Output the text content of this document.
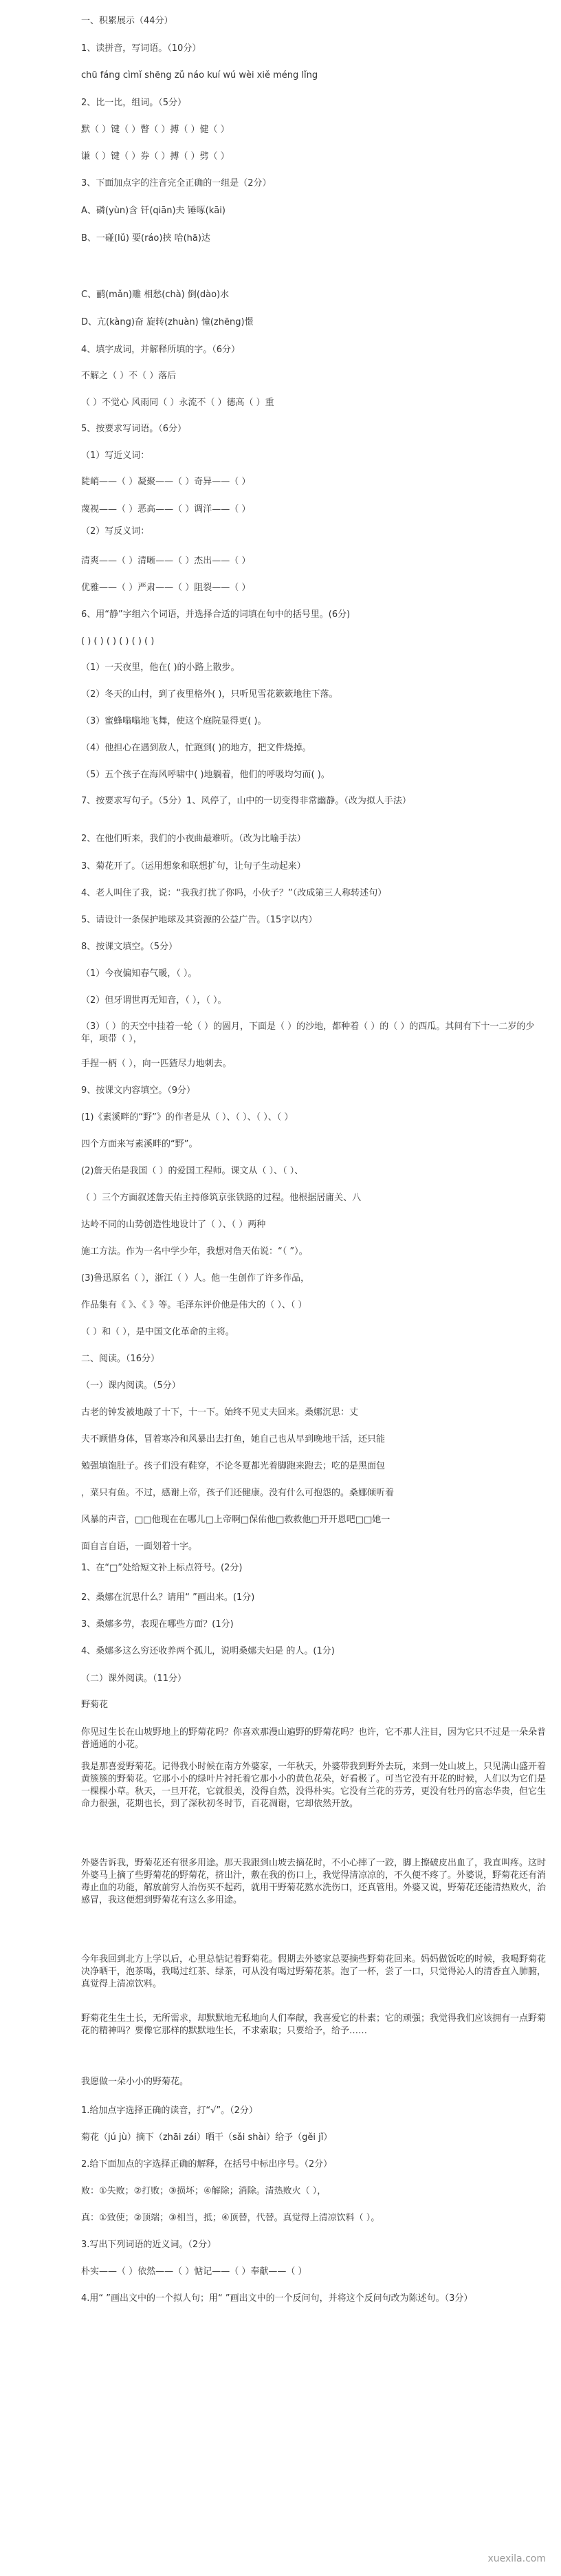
一、积累展示（44分）
1、读拼音，写词语。（10分）
chū fáng cìmǐ shēng zǔ náo kuí wú wèi xiě méng lǐng
2、比一比，组词。（5分）
默（ ）键（ ）瞥（ ）搏（ ）健（ ）
谦（ ）键（ ）券（ ）搏（ ）劈（ ）
3、下面加点字的注音完全正确的一组是（2分）
A、磷(yùn)含 钎(qiān)夫 锤啄(kāi)
B、一碰(lǔ) 要(ráo)挟 哈(hā)达
C、鹂(mǎn)雕 相愁(chà) 倒(dào)水
D、亢(kàng)奋 旋转(zhuàn) 憧(zhēng)憬
4、填字成词，并解释所填的字。（6分）
不解之（ ）不（ ）落后
（ ）不觉心 风雨同（ ）永流不（ ）德高（ ）重
5、按要求写词语。（6分）
（1）写近义词：
陡峭——（ ）凝聚——（ ）奇异——（ ）
蔑视——（ ）恶高——（ ）调洋——（ ）
（2）写反义词：
清爽——（ ）清晰——（ ）杰出——（ ）
优雅——（ ）严肃——（ ）阻裂——（ ）
6、用“静”字组六个词语，并选择合适的词填在句中的括号里。(6分)
( ) ( ) ( ) ( ) ( ) ( )
（1）一天夜里，他在( )的小路上散步。
（2）冬天的山村，到了夜里格外( )，只听见雪花簌簌地往下落。
（3）蜜蜂嗡嗡地飞舞，使这个庭院显得更( )。
（4）他担心在遇到敌人，忙跑到( )的地方，把文件烧掉。
（5）五个孩子在海风呼啸中( )地躺着，他们的呼吸均匀而( )。
7、按要求写句子。（5分）1、风停了，山中的一切变得非常幽静。（改为拟人手法）
2、在他们听来，我们的小夜曲最难听。（改为比喻手法）
3、菊花开了。（运用想象和联想扩句，让句子生动起来）
4、老人叫住了我，说：“我我打扰了你吗，小伙子？”（改成第三人称转述句）
5、请设计一条保护地球及其资源的公益广告。（15字以内）
8、按课文填空。（5分）
（1）今夜偏知春气暖，（ ）。
（2）但牙谓世再无知音，（ ），（ ）。
（3）（ ）的天空中挂着一轮（ ）的圆月，下面是（ ）的沙地，都种着（ ）的（ ）的西瓜。其间有下十一二岁的少年，项带（ ），
手捏一柄（ ），向一匹猹尽力地刺去。
9、按课文内容填空。（9分）
(1)《素溪畔的“野”》的作者是从（ ）、（ ）、（ ）、（ ）
四个方面来写素溪畔的“野”。
(2)詹天佑是我国（ ）的爱国工程师。课文从（ ）、（ ）、
（ ）三个方面叙述詹天佑主持修筑京张铁路的过程。他根据居庸关、八
达岭不同的山势创造性地设计了（ ）、（ ）两种
施工方法。作为一名中学少年，我想对詹天佑说：“（ ”）。
(3)鲁迅原名（ ），浙江（ ）人。他一生创作了许多作品，
作品集有《 》、《 》等。毛泽东评价他是伟大的（ ）、（ ）
（ ）和（ ），是中国文化革命的主将。
二、阅读。（16分）
（一）课内阅读。（5分）
古老的钟发被地敲了十下，十一下。始终不见丈夫回来。桑娜沉思：丈
夫不顾惜身体，冒着寒冷和风暴出去打鱼，她自己也从早到晚地干活，还只能
勉强填饱肚子。孩子们没有鞋穿，不论冬夏都光着脚跑来跑去；吃的是黑面包
，菜只有鱼。不过，感谢上帝，孩子们还健康。没有什么可抱怨的。桑娜倾听着
风暴的声音，□□他现在在哪儿□上帝啊□保佑他□救救他□开开恩吧□□她一
面自言自语，一面划着十字。
1、在“□”处给短文补上标点符号。(2分)
2、桑娜在沉思什么？请用“ ”画出来。(1分)
3、桑娜多劳，表现在哪些方面？(1分)
4、桑娜多这么穷还收养两个孤儿，说明桑娜夫妇是 的人。(1分)
（二）课外阅读。（11分）
野菊花
你见过生长在山坡野地上的野菊花吗？你喜欢那漫山遍野的野菊花吗？也许，它不那人注目，因为它只不过是一朵朵普普通通的小花。
我是那喜爱野菊花。记得我小时候在南方外婆家，一年秋天，外婆带我到野外去玩，来到一处山坡上，只见满山盛开着黄簇簇的野菊花。它那小小的绿叶片衬托着它那小小的黄色花朵，好看极了。可当它没有开花的时候，人们以为它们是一棵棵小草。秋天，一旦开花，它就很美，没得自然，没得朴实。它没有兰花的芬芳，更没有牡丹的富态华贵，但它生命力很强，花期也长，到了深秋初冬时节，百花凋谢，它却依然开放。
外婆告诉我，野菊花还有很多用途。那天我跟到山坡去摘花时，不小心摔了一跤，脚上擦破皮出血了，我直叫疼。这时外婆马上摘了些野菊花的野菊花，挤出汁，敷在我的伤口上，我觉得清凉凉的，不久便不疼了。外婆说，野菊花还有消毒止血的功能，解放前穷人治伤买不起药，就用干野菊花熬水洗伤口，还真管用。外婆又说，野菊花还能清热败火，治感冒，我这便想到野菊花有这么多用途。
今年我回到北方上学以后，心里总惦记着野菊花。假期去外婆家总要摘些野菊花回来。妈妈做饭吃的时候，我喝野菊花决净晒干，泡茶喝，我喝过红茶、绿茶，可从没有喝过野菊花茶。泡了一杯，尝了一口，只觉得沁人的清香直入肺腑，真觉得上清凉饮料。
野菊花生生土长，无所需求，却默默地无私地向人们奉献，我喜爱它的朴素；它的顽强；我觉得我们应该拥有一点野菊花的精神吗？要像它那样的默默地生长，不求索取；只要给予，给予……
我愿做一朵小小的野菊花。
1.给加点字选择正确的读音，打“√”。（2分）
菊花（jú jù）摘下（zhāi zái）晒干（sǎi shài）给予（gěi jǐ）
2.给下面加点的字选择正确的解释，在括号中标出序号。（2分）
败：①失败；②打败；③损坏；④解除；消除。清热败火（ ），
真：①致使；②顶端；③相当，抵；④顶替，代替。真觉得上清凉饮料（ ）。
3.写出下列词语的近义词。（2分）
朴实——（ ）依然——（ ）惦记——（ ）奉献——（ ）
4.用“ ”画出文中的一个拟人句；用“ ”画出文中的一个反问句，并将这个反问句改为陈述句。（3分）
xuexila.com
